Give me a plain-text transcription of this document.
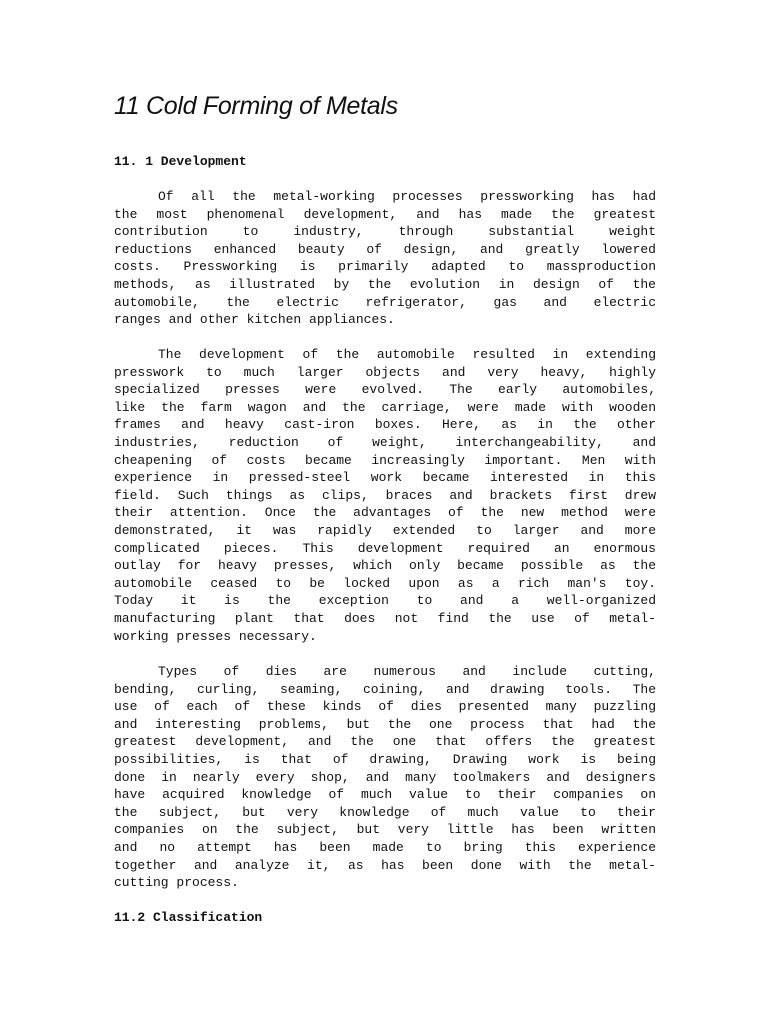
11 Cold Forming of Metals
11. 1 Development
Of all the metal-working processes pressworking has had
the most phenomenal development, and has made the greatest
contribution to industry, through substantial weight
reductions enhanced beauty of design, and greatly lowered
costs. Pressworking is primarily adapted to massproduction
methods, as illustrated by the evolution in design of the
automobile, the electric refrigerator, gas and electric
ranges and other kitchen appliances.
The development of the automobile resulted in extending
presswork to much larger objects and very heavy, highly
specialized presses were evolved. The early automobiles,
like the farm wagon and the carriage, were made with wooden
frames and heavy cast-iron boxes. Here, as in the other
industries, reduction of weight, interchangeability, and
cheapening of costs became increasingly important. Men with
experience in pressed-steel work became interested in this
field. Such things as clips, braces and brackets first drew
their attention. Once the advantages of the new method were
demonstrated, it was rapidly extended to larger and more
complicated pieces. This development required an enormous
outlay for heavy presses, which only became possible as the
automobile ceased to be locked upon as a rich man's toy.
Today it is the exception to and a well-organized
manufacturing plant that does not find the use of metal-
working presses necessary.
Types of dies are numerous and include cutting,
bending, curling, seaming, coining, and drawing tools. The
use of each of these kinds of dies presented many puzzling
and interesting problems, but the one process that had the
greatest development, and the one that offers the greatest
possibilities, is that of drawing, Drawing work is being
done in nearly every shop, and many toolmakers and designers
have acquired knowledge of much value to their companies on
the subject, but very knowledge of much value to their
companies on the subject, but very little has been written
and no attempt has been made to bring this experience
together and analyze it, as has been done with the metal-
cutting process.
11.2 Classification
